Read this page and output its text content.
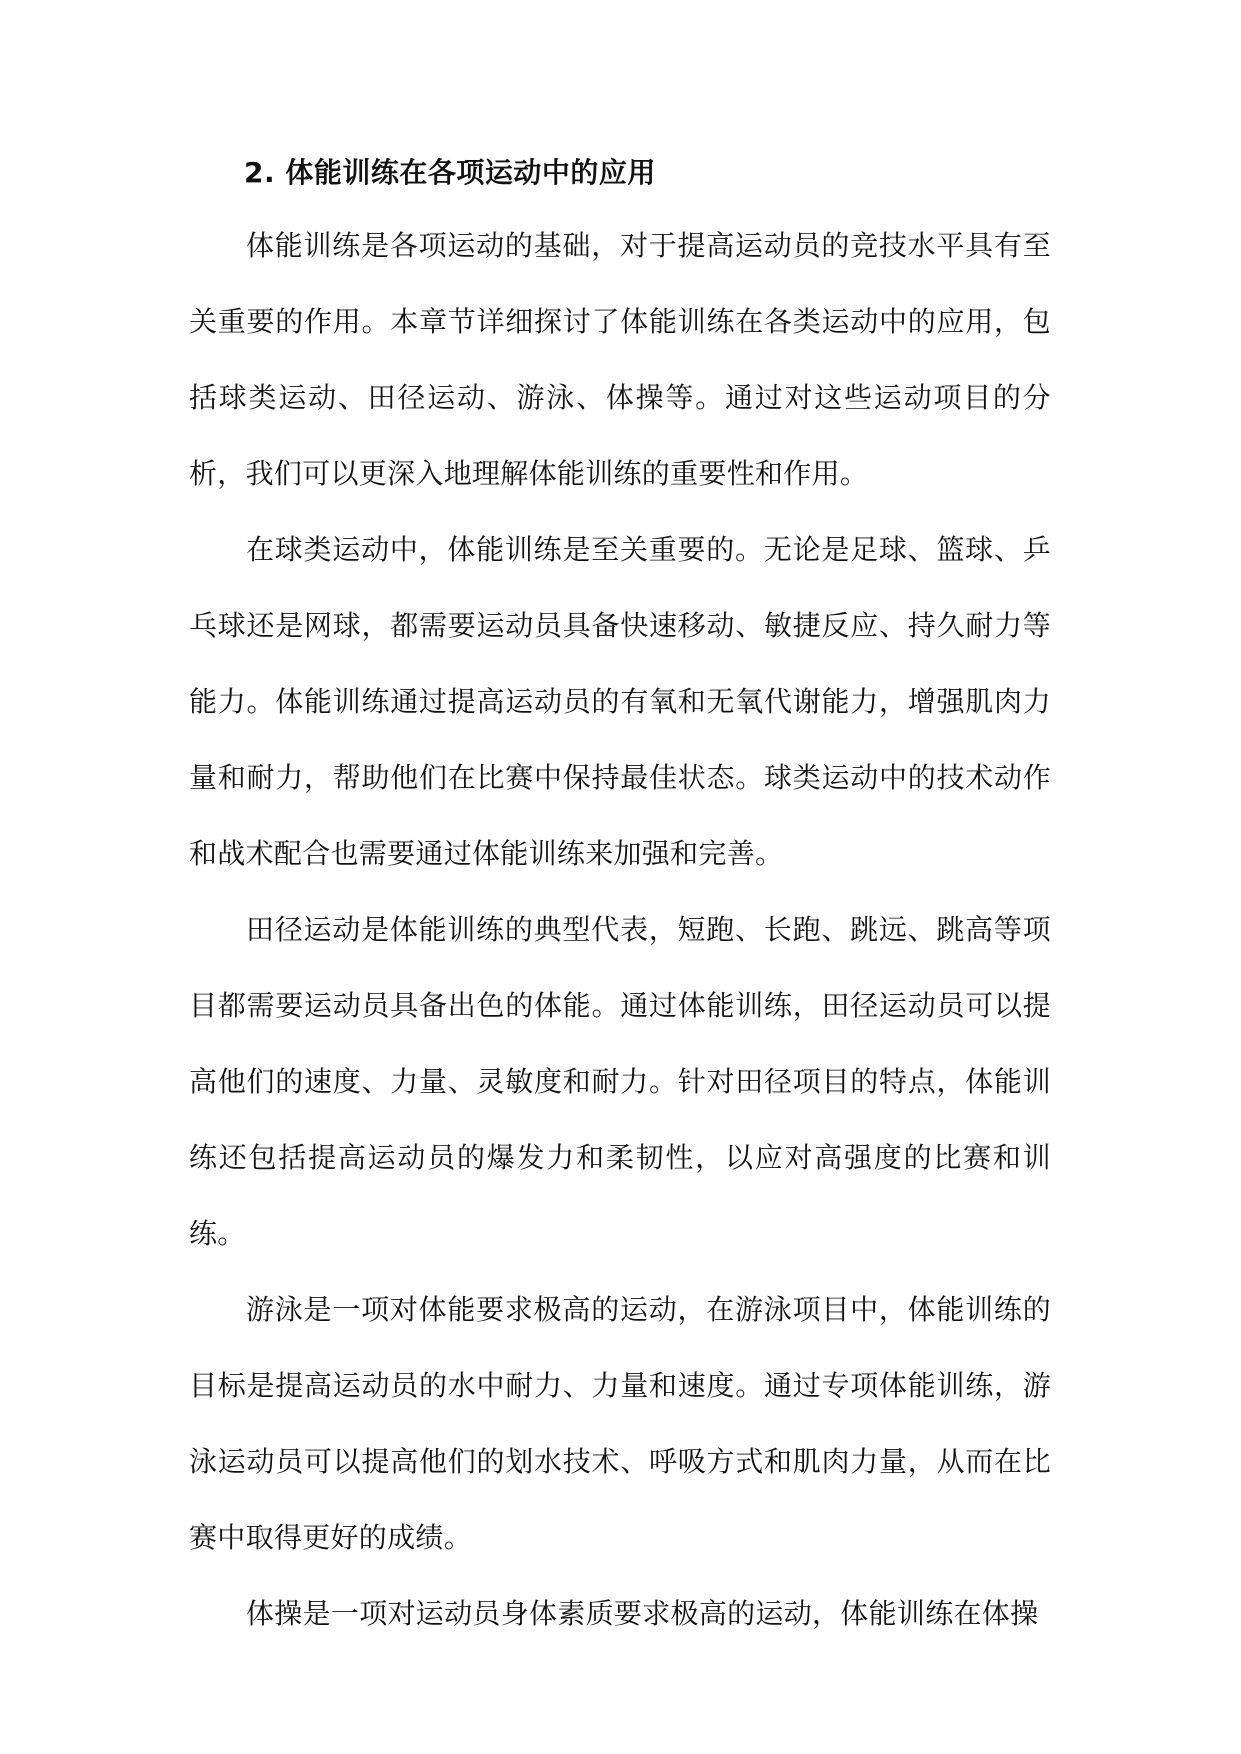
2. 体能训练在各项运动中的应用

体能训练是各项运动的基础，对于提高运动员的竞技水平具有至关重要的作用。本章节详细探讨了体能训练在各类运动中的应用，包括球类运动、田径运动、游泳、体操等。通过对这些运动项目的分析，我们可以更深入地理解体能训练的重要性和作用。

在球类运动中，体能训练是至关重要的。无论是足球、篮球、乒乓球还是网球，都需要运动员具备快速移动、敏捷反应、持久耐力等能力。体能训练通过提高运动员的有氧和无氧代谢能力，增强肌肉力量和耐力，帮助他们在比赛中保持最佳状态。球类运动中的技术动作和战术配合也需要通过体能训练来加强和完善。

田径运动是体能训练的典型代表，短跑、长跑、跳远、跳高等项目都需要运动员具备出色的体能。通过体能训练，田径运动员可以提高他们的速度、力量、灵敏度和耐力。针对田径项目的特点，体能训练还包括提高运动员的爆发力和柔韧性，以应对高强度的比赛和训练。

游泳是一项对体能要求极高的运动，在游泳项目中，体能训练的目标是提高运动员的水中耐力、力量和速度。通过专项体能训练，游泳运动员可以提高他们的划水技术、呼吸方式和肌肉力量，从而在比赛中取得更好的成绩。

体操是一项对运动员身体素质要求极高的运动，体能训练在体操
